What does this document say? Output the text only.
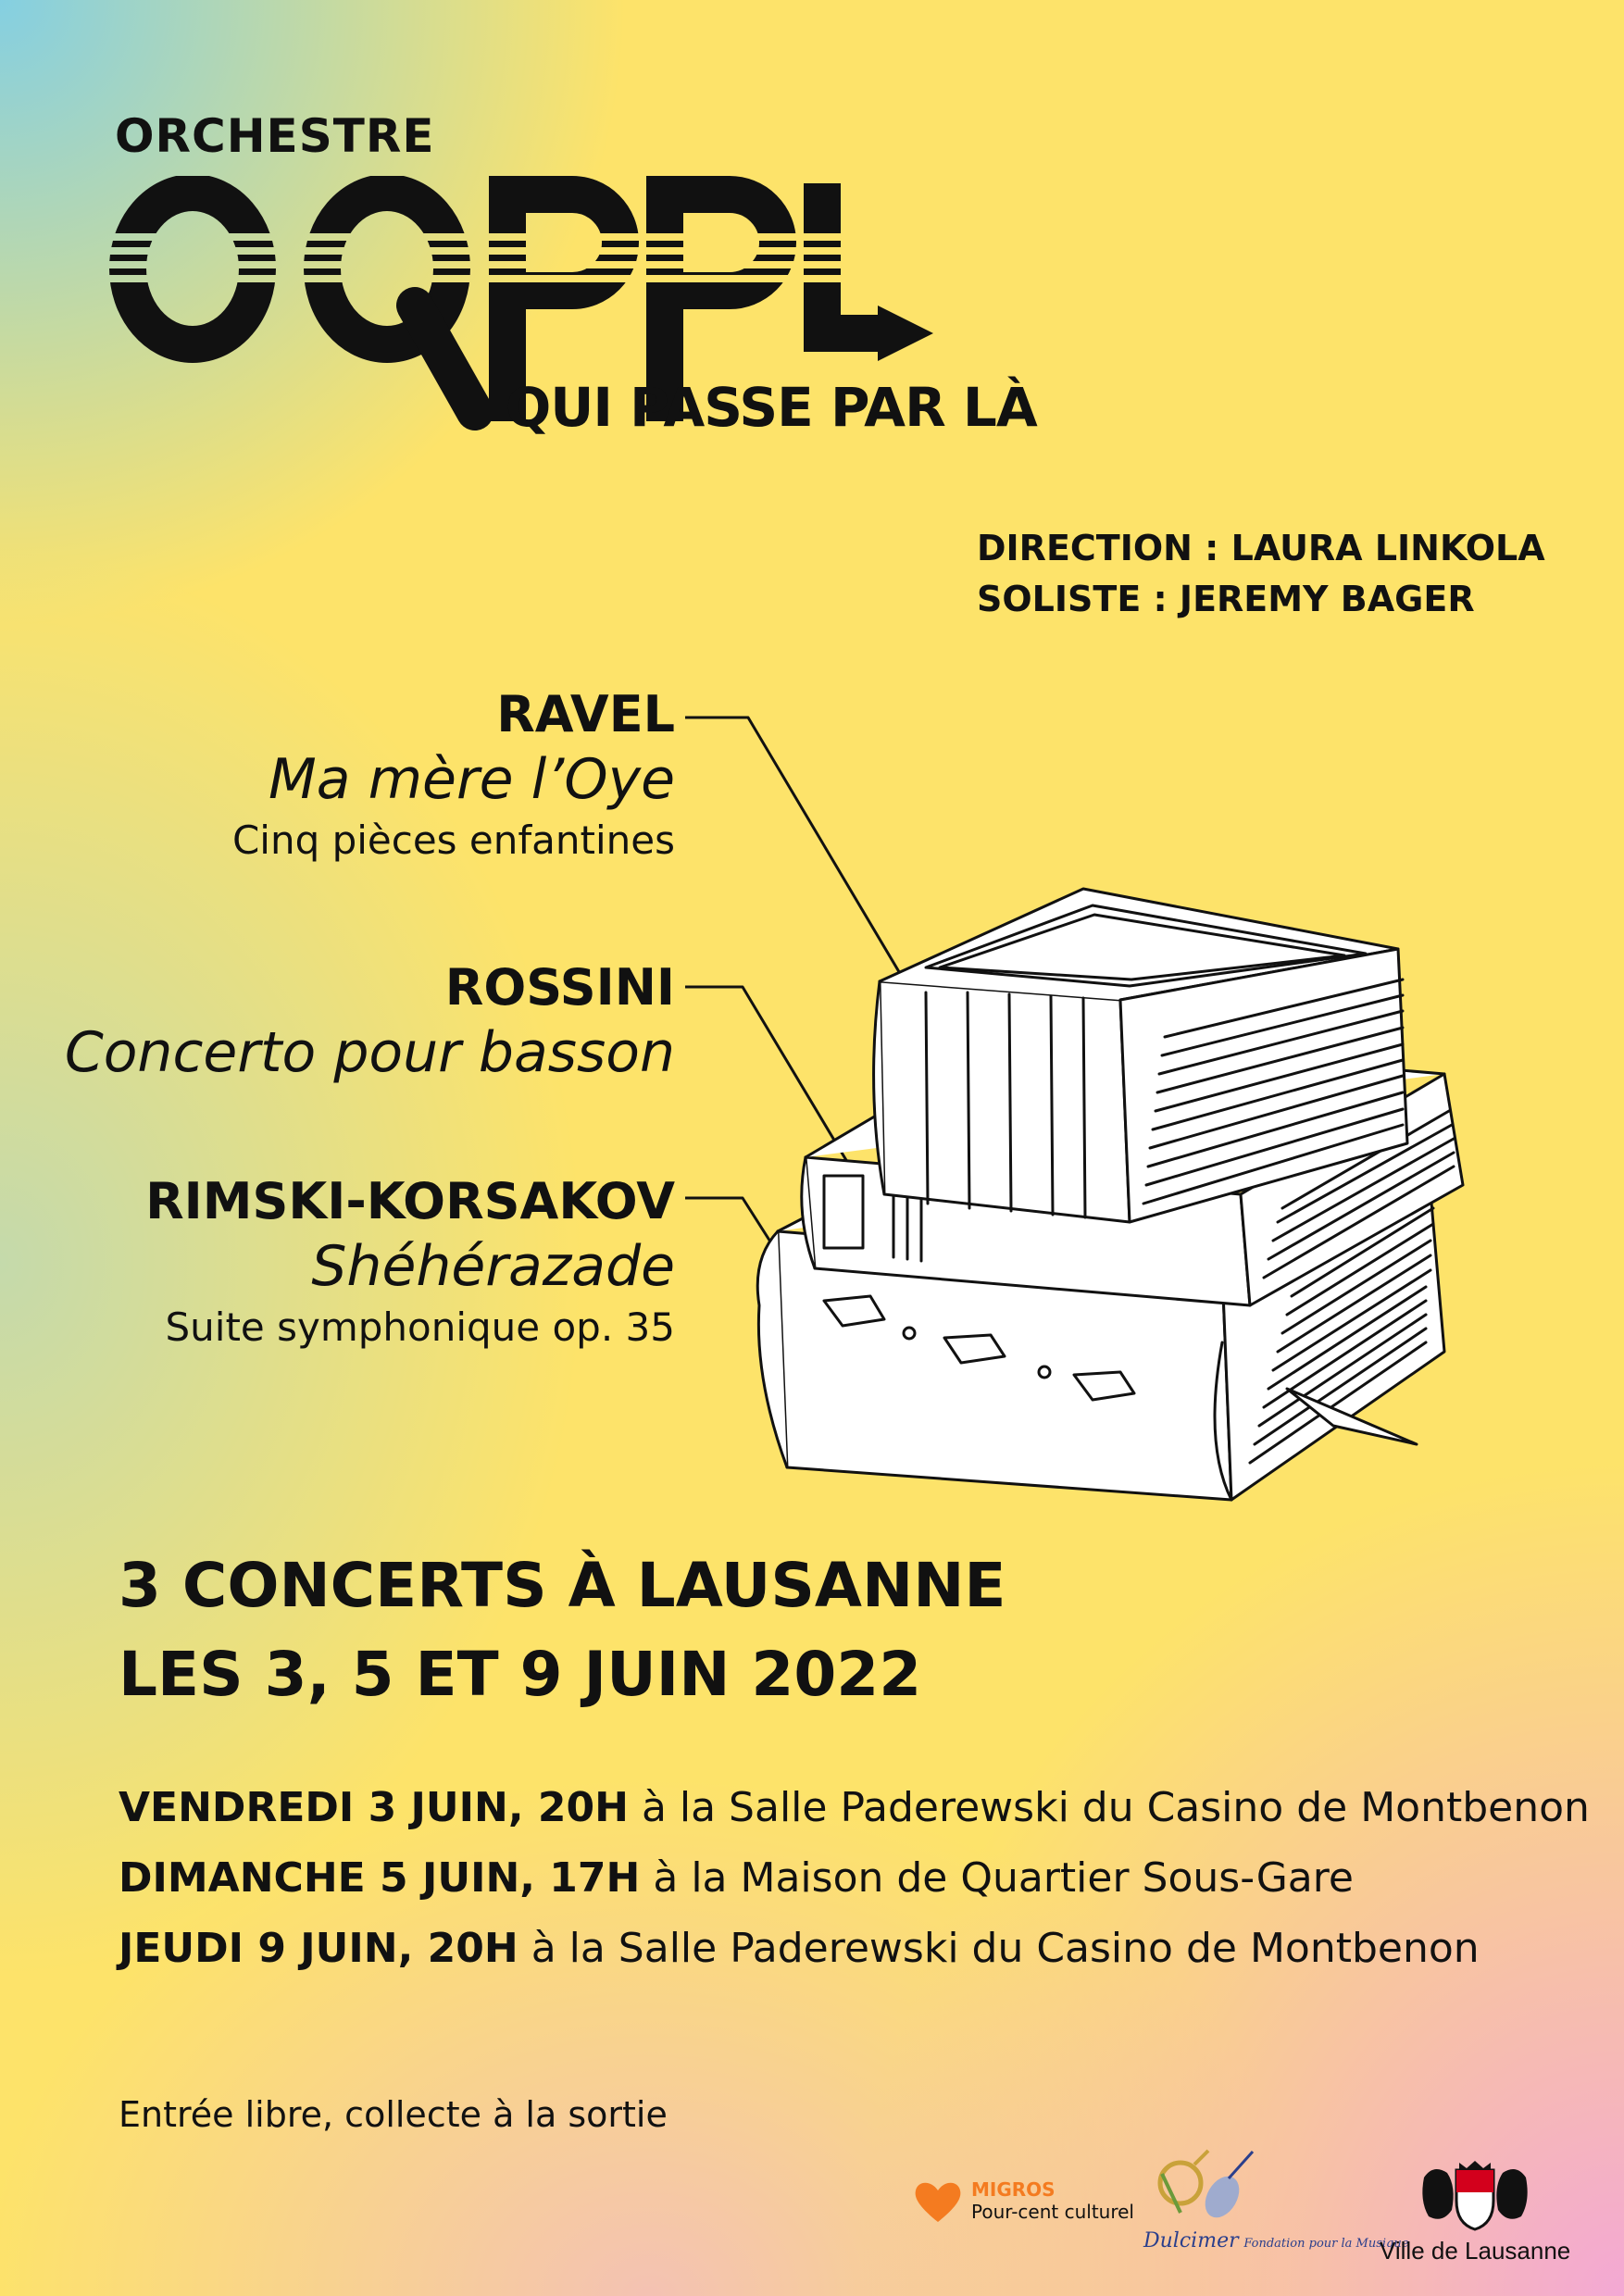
ORCHESTRE
QUI PASSE PAR LÀ
DIRECTION : LAURA LINKOLA
SOLISTE : JEREMY BAGER
RAVEL
Ma mère l’Oye
Cinq pièces enfantines
ROSSINI
Concerto pour basson
RIMSKI-KORSAKOV
Shéhérazade
Suite symphonique op. 35
3 CONCERTS À LAUSANNE
LES 3, 5 ET 9 JUIN 2022
VENDREDI 3 JUIN, 20H à la Salle Paderewski du Casino de Montbenon
DIMANCHE 5 JUIN, 17H à la Maison de Quartier Sous-Gare
JEUDI 9 JUIN, 20H à la Salle Paderewski du Casino de Montbenon
Entrée libre, collecte à la sortie
MIGROS
Pour-cent culturel
Dulcimer Fondation pour la Musique
Ville de Lausanne
